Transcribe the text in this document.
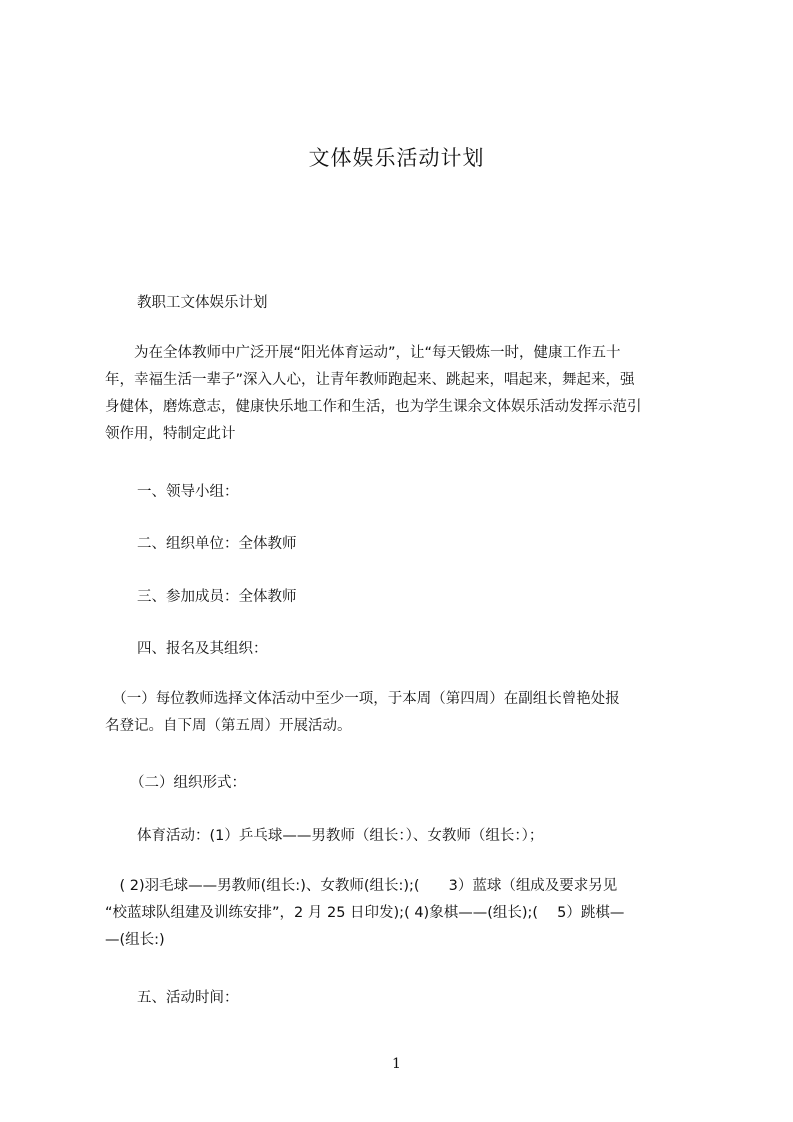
文体娱乐活动计划
教职工文体娱乐计划
　　为在全体教师中广泛开展“阳光体育运动”，让“每天锻炼一时，健康工作五十
年，幸福生活一辈子”深入人心，让青年教师跑起来、跳起来，唱起来，舞起来，强
身健体，磨炼意志，健康快乐地工作和生活，也为学生课余文体娱乐活动发挥示范引
领作用，特制定此计
一、领导小组：
二、组织单位：全体教师
三、参加成员：全体教师
四、报名及其组织：
　（一）每位教师选择文体活动中至少一项，于本周（第四周）在副组长曾艳处报
名登记。自下周（第五周）开展活动。
（二）组织形式：
体育活动：(1）乒乓球——男教师（组长：）、女教师（组长：）；
　( 2)羽毛球——男教师(组长:)、女教师(组长:);(　　3）蓝球（组成及要求另见
“校蓝球队组建及训练安排”，2 月 25 日印发);( 4)象棋——(组长);(　 5）跳棋—
—(组长:)
五、活动时间：
1
